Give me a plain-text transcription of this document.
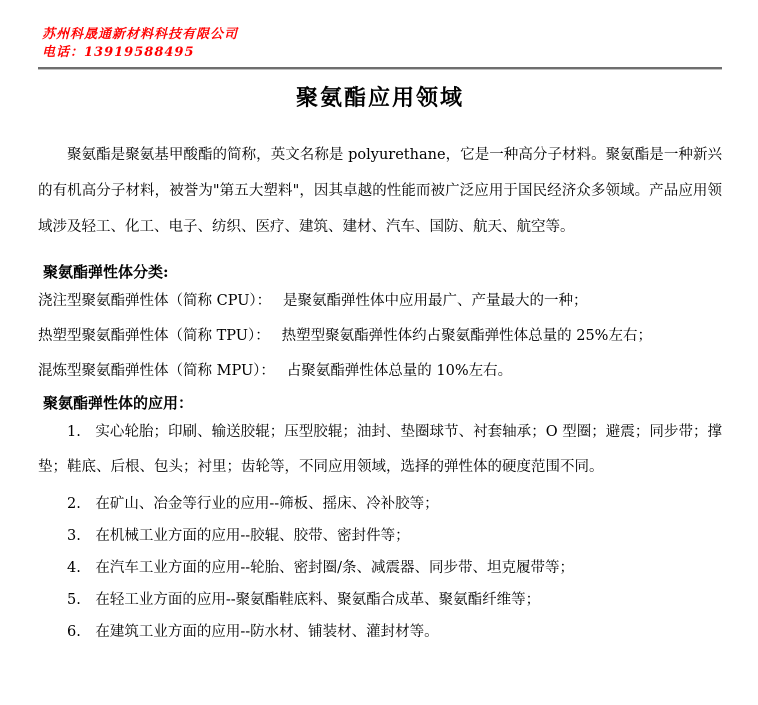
苏州科晟通新材料科技有限公司
电话：13919588495
聚氨酯应用领域

聚氨酯是聚氨基甲酸酯的简称，英文名称是 polyurethane，它是一种高分子材料。聚氨酯是一种新兴的有机高分子材料，被誉为"第五大塑料"，因其卓越的性能而被广泛应用于国民经济众多领域。产品应用领域涉及轻工、化工、电子、纺织、医疗、建筑、建材、汽车、国防、航天、航空等。

聚氨酯弹性体分类:

浇注型聚氨酯弹性体（简称 CPU）：　 是聚氨酯弹性体中应用最广、产量最大的一种；

热塑型聚氨酯弹性体（简称 TPU）：　 热塑型聚氨酯弹性体约占聚氨酯弹性体总量的 25%左右；

混炼型聚氨酯弹性体（简称 MPU）：　 占聚氨酯弹性体总量的 10%左右。

聚氨酯弹性体的应用：

1.　实心轮胎；印刷、输送胶辊；压型胶辊；油封、垫圈球节、衬套轴承；O 型圈；避震；同步带；撑垫；鞋底、后根、包头；衬里；齿轮等，不同应用领域，选择的弹性体的硬度范围不同。

2.　在矿山、冶金等行业的应用--筛板、摇床、冷补胶等；

3.　在机械工业方面的应用--胶辊、胶带、密封件等；

4.　在汽车工业方面的应用--轮胎、密封圈/条、减震器、同步带、坦克履带等；

5.　在轻工业方面的应用--聚氨酯鞋底料、聚氨酯合成革、聚氨酯纤维等；

6.　在建筑工业方面的应用--防水材、铺装材、灌封材等。
